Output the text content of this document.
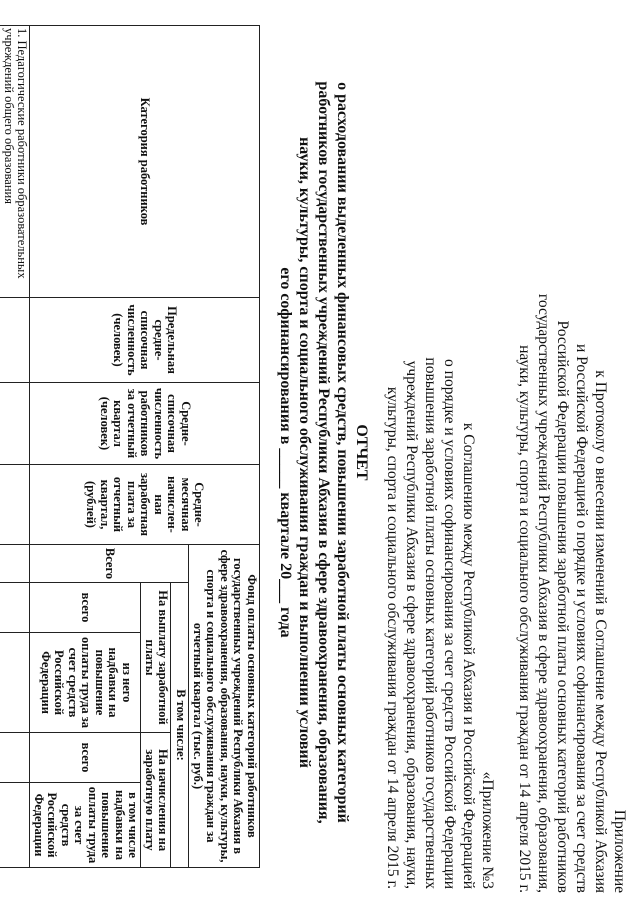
Приложение
к Протоколу о внесении изменений в Соглашение между Республикой Абхазия
и Российской Федерацией о порядке и условиях софинансирования за счет средств
Российской Федерации повышения заработной платы основных категорий работников
государственных учреждений Республики Абхазия в сфере здравоохранения, образования,
науки, культуры, спорта и социального обслуживания граждан от 14 апреля 2015 г.
«Приложение №3
к Соглашению между Республикой Абхазия и Российской Федерацией
о порядке и условиях софинансирования за счет средств Российской Федерации
повышения заработной платы основных категорий работников государственных
учреждений Республики Абхазия в сфере здравоохранения, образования, науки,
культуры, спорта и социального обслуживания граждан от 14 апреля 2015 г.
ОТЧЕТ
о расходовании выделенных финансовых средств, повышении заработной платы основных категорий
работников государственных учреждений Республики Абхазия в сфере здравоохранения, образования,
науки, культуры, спорта и социального обслуживания граждан и выполнении условий
его софинансирования в _____ квартале 20___ года
Категория работников	Предельная средне-списочная численность (человек)	Средне-списочная численность работников за отчетный квартал (человек)	Средне-месячная начислен-ная заработная плата за отчетный квартал, (рублей)	Фонд оплаты основных категорий работников государственных учреждений Республики Абхазия в сфере здравоохранения, образования, науки, культуры, спорта и социального обслуживания граждан за отчетный квартал (тыс. руб.)				
				Всего	В том числе:			
					На выплату заработной платы		На начисления на заработную плату	
					всего	из него надбавки на повышение оплаты труда за счет средств Российской Федерации	всего	в том числе надбавки на повышение оплаты труда за счет средств Российской Федерации
1. Педагогические работники образовательных учреждений общего образования								
